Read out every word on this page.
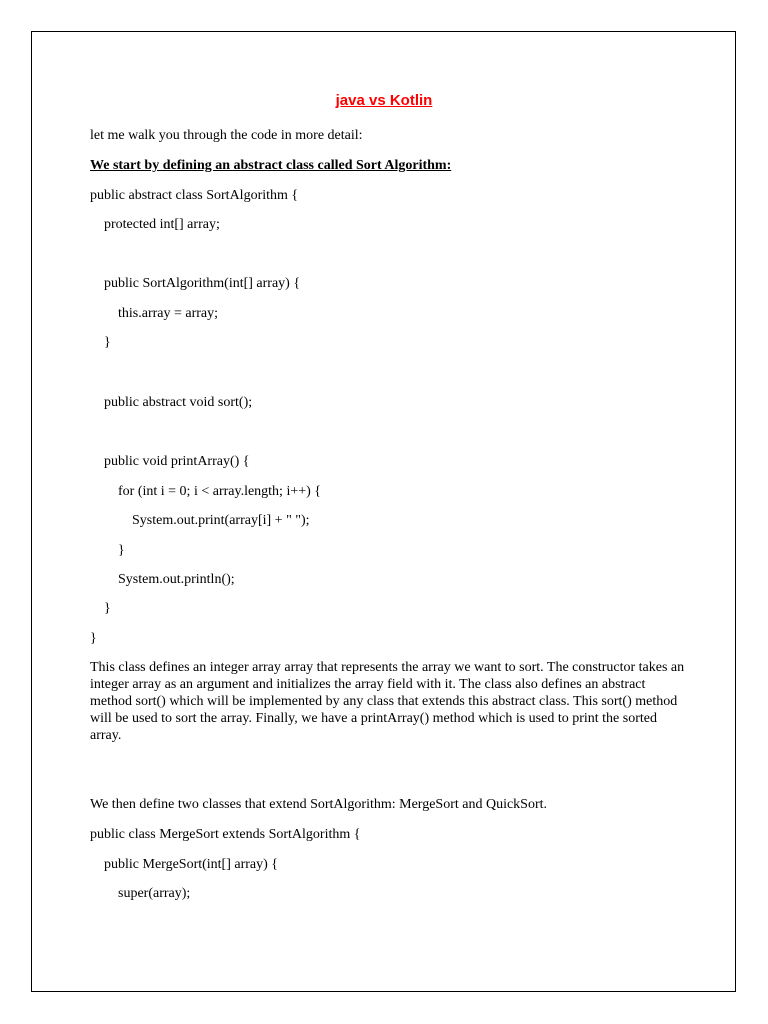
java vs Kotlin
let me walk you through the code in more detail:
We start by defining an abstract class called Sort Algorithm:
public abstract class SortAlgorithm {
protected int[] array;
public SortAlgorithm(int[] array) {
this.array = array;
}
public abstract void sort();
public void printArray() {
for (int i = 0; i < array.length; i++) {
System.out.print(array[i] + " ");
}
System.out.println();
}
}
This class defines an integer array array that represents the array we want to sort. The constructor takes an integer array as an argument and initializes the array field with it. The class also defines an abstract method sort() which will be implemented by any class that extends this abstract class. This sort() method will be used to sort the array. Finally, we have a printArray() method which is used to print the sorted array.
We then define two classes that extend SortAlgorithm: MergeSort and QuickSort.
public class MergeSort extends SortAlgorithm {
public MergeSort(int[] array) {
super(array);
